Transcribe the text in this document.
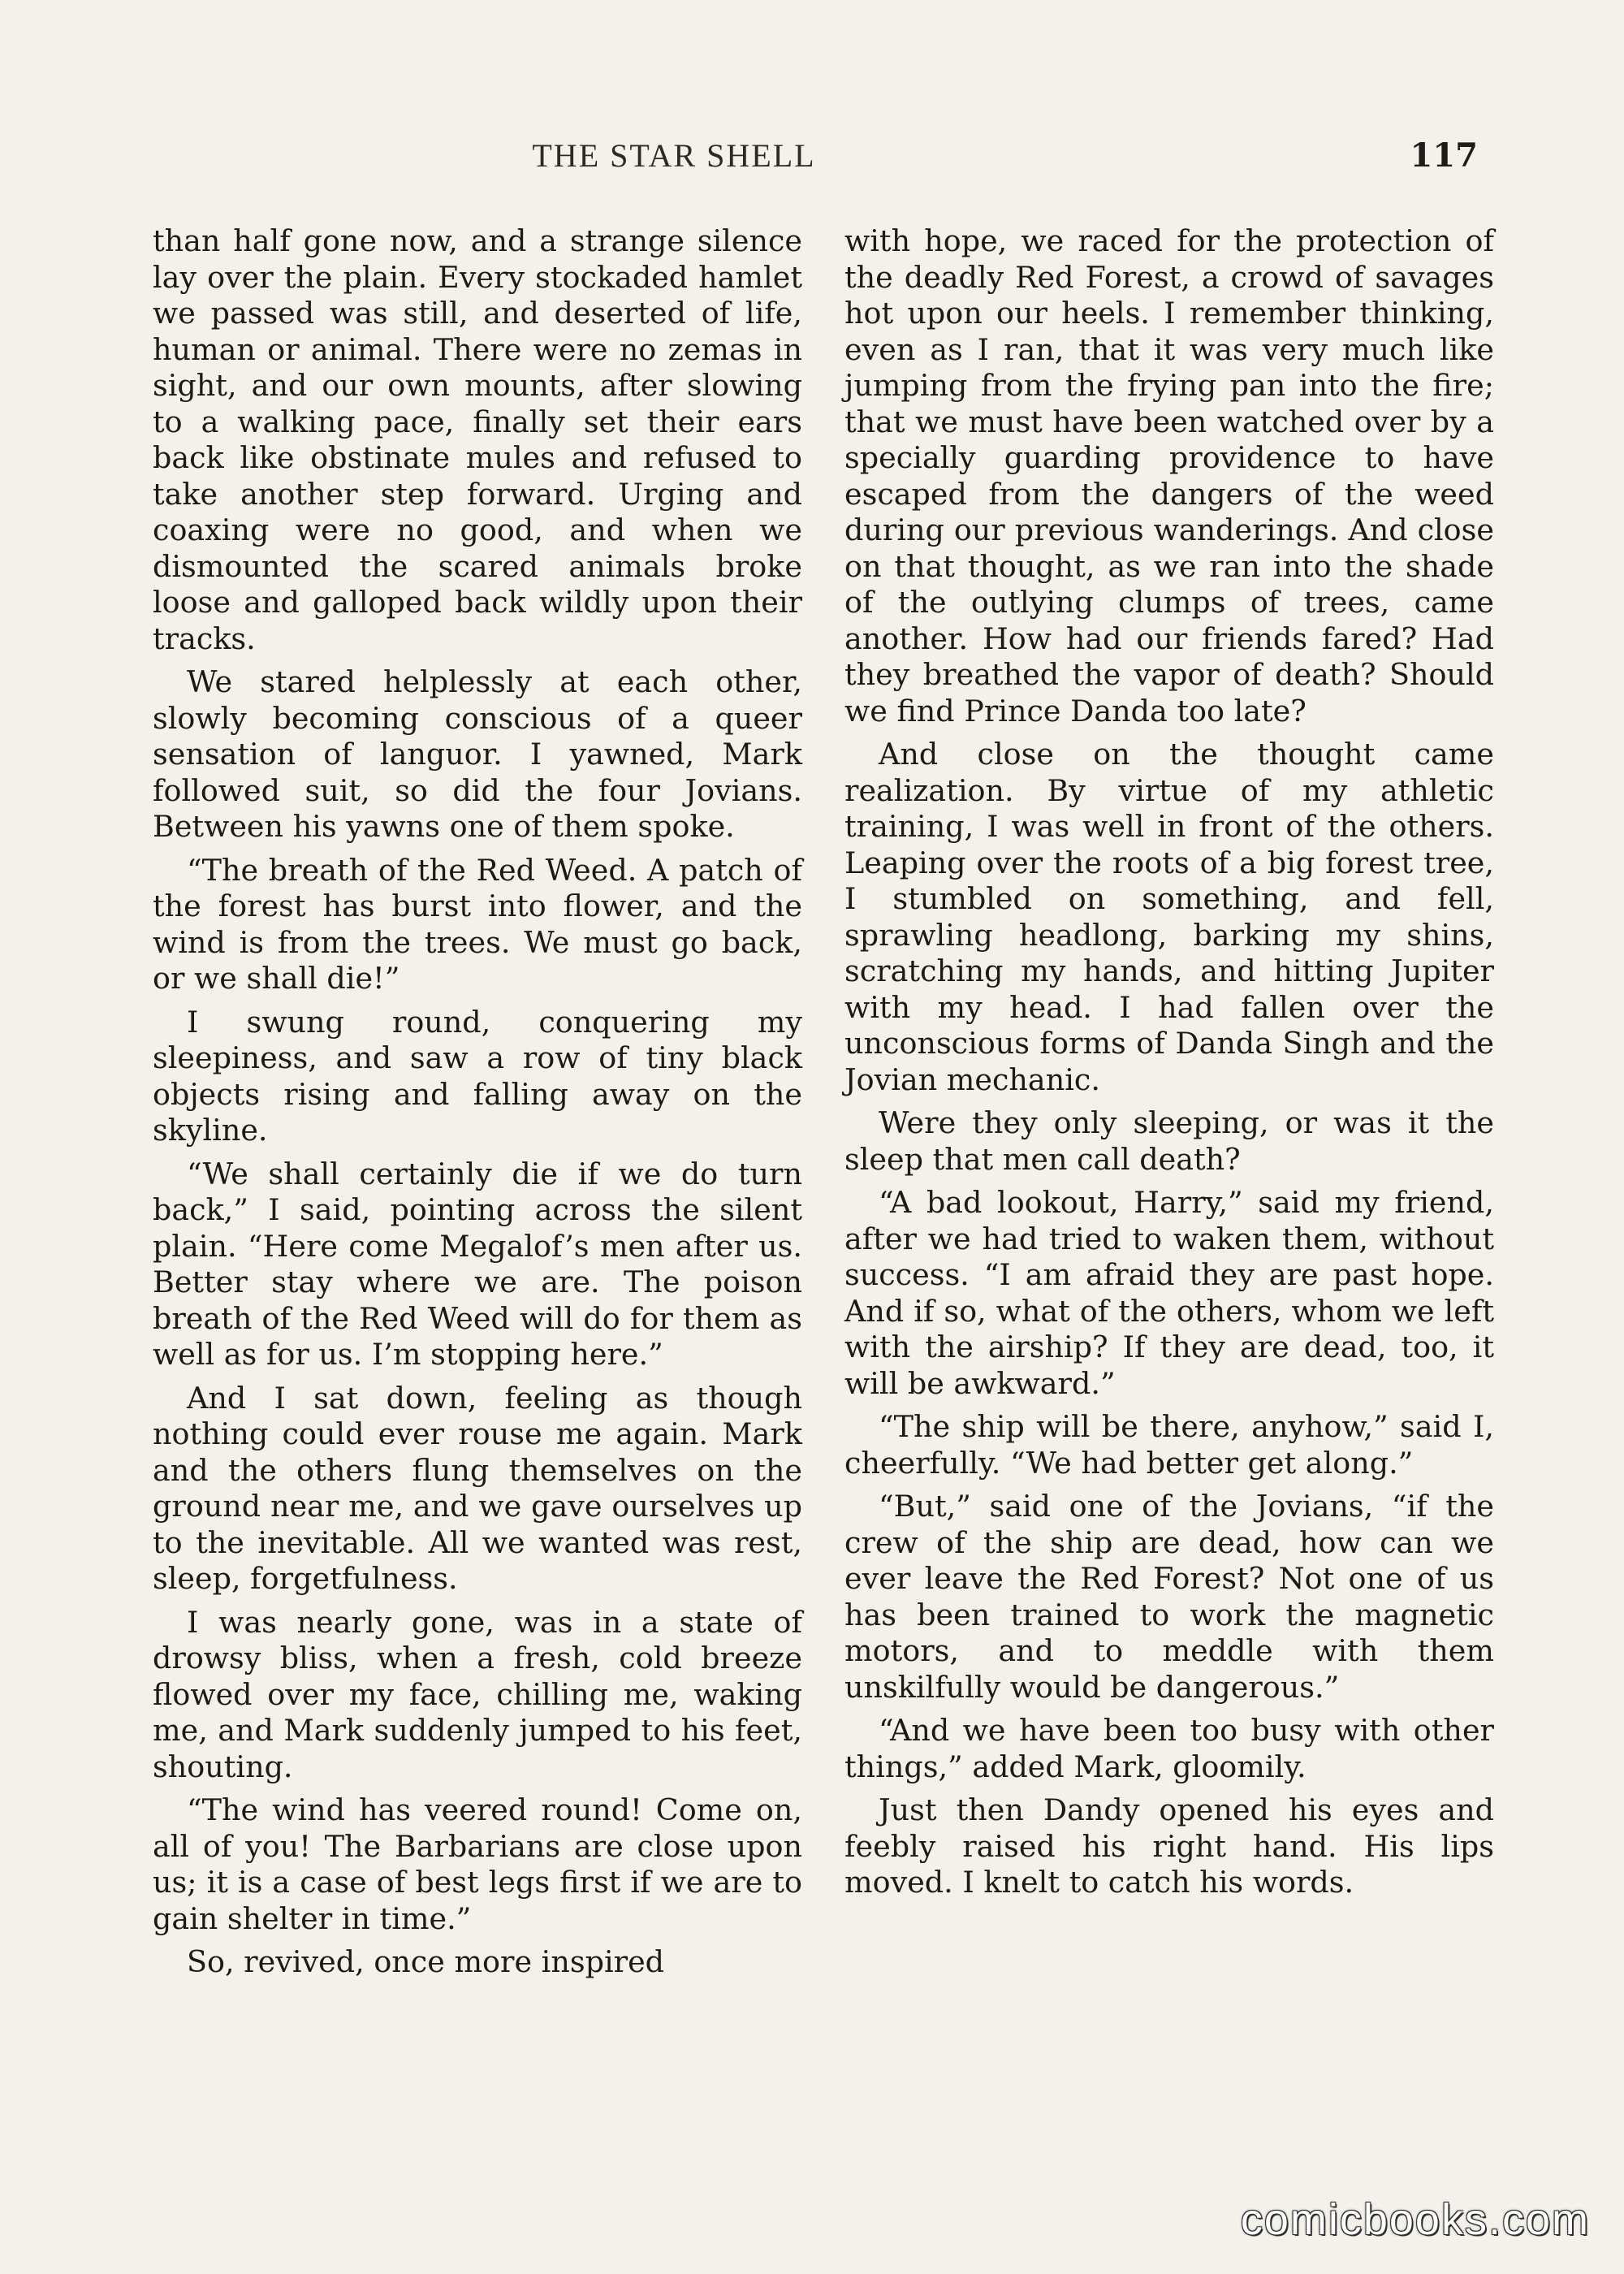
THE STAR SHELL	117

than half gone now, and a strange silence lay over the plain. Every stockaded hamlet we passed was still, and deserted of life, human or animal. There were no zemas in sight, and our own mounts, after slowing to a walking pace, finally set their ears back like obstinate mules and refused to take another step forward. Urging and coaxing were no good, and when we dismounted the scared animals broke loose and galloped back wildly upon their tracks.

We stared helplessly at each other, slowly becoming conscious of a queer sensation of languor. I yawned, Mark followed suit, so did the four Jovians. Between his yawns one of them spoke.

“The breath of the Red Weed. A patch of the forest has burst into flower, and the wind is from the trees. We must go back, or we shall die!”

I swung round, conquering my sleepiness, and saw a row of tiny black objects rising and falling away on the skyline.

“We shall certainly die if we do turn back,” I said, pointing across the silent plain. “Here come Megalof’s men after us. Better stay where we are. The poison breath of the Red Weed will do for them as well as for us. I’m stopping here.”

And I sat down, feeling as though nothing could ever rouse me again. Mark and the others flung themselves on the ground near me, and we gave ourselves up to the inevitable. All we wanted was rest, sleep, forgetfulness.

I was nearly gone, was in a state of drowsy bliss, when a fresh, cold breeze flowed over my face, chilling me, waking me, and Mark suddenly jumped to his feet, shouting.

“The wind has veered round! Come on, all of you! The Barbarians are close upon us; it is a case of best legs first if we are to gain shelter in time.”

So, revived, once more inspired

with hope, we raced for the protection of the deadly Red Forest, a crowd of savages hot upon our heels. I remember thinking, even as I ran, that it was very much like jumping from the frying pan into the fire; that we must have been watched over by a specially guarding providence to have escaped from the dangers of the weed during our previous wanderings. And close on that thought, as we ran into the shade of the outlying clumps of trees, came another. How had our friends fared? Had they breathed the vapor of death? Should we find Prince Danda too late?

And close on the thought came realization. By virtue of my athletic training, I was well in front of the others. Leaping over the roots of a big forest tree, I stumbled on something, and fell, sprawling headlong, barking my shins, scratching my hands, and hitting Jupiter with my head. I had fallen over the unconscious forms of Danda Singh and the Jovian mechanic.

Were they only sleeping, or was it the sleep that men call death?

“A bad lookout, Harry,” said my friend, after we had tried to waken them, without success. “I am afraid they are past hope. And if so, what of the others, whom we left with the airship? If they are dead, too, it will be awkward.”

“The ship will be there, anyhow,” said I, cheerfully. “We had better get along.”

“But,” said one of the Jovians, “if the crew of the ship are dead, how can we ever leave the Red Forest? Not one of us has been trained to work the magnetic motors, and to meddle with them unskilfully would be dangerous.”

“And we have been too busy with other things,” added Mark, gloomily.

Just then Dandy opened his eyes and feebly raised his right hand. His lips moved. I knelt to catch his words.

comicbooks.com
